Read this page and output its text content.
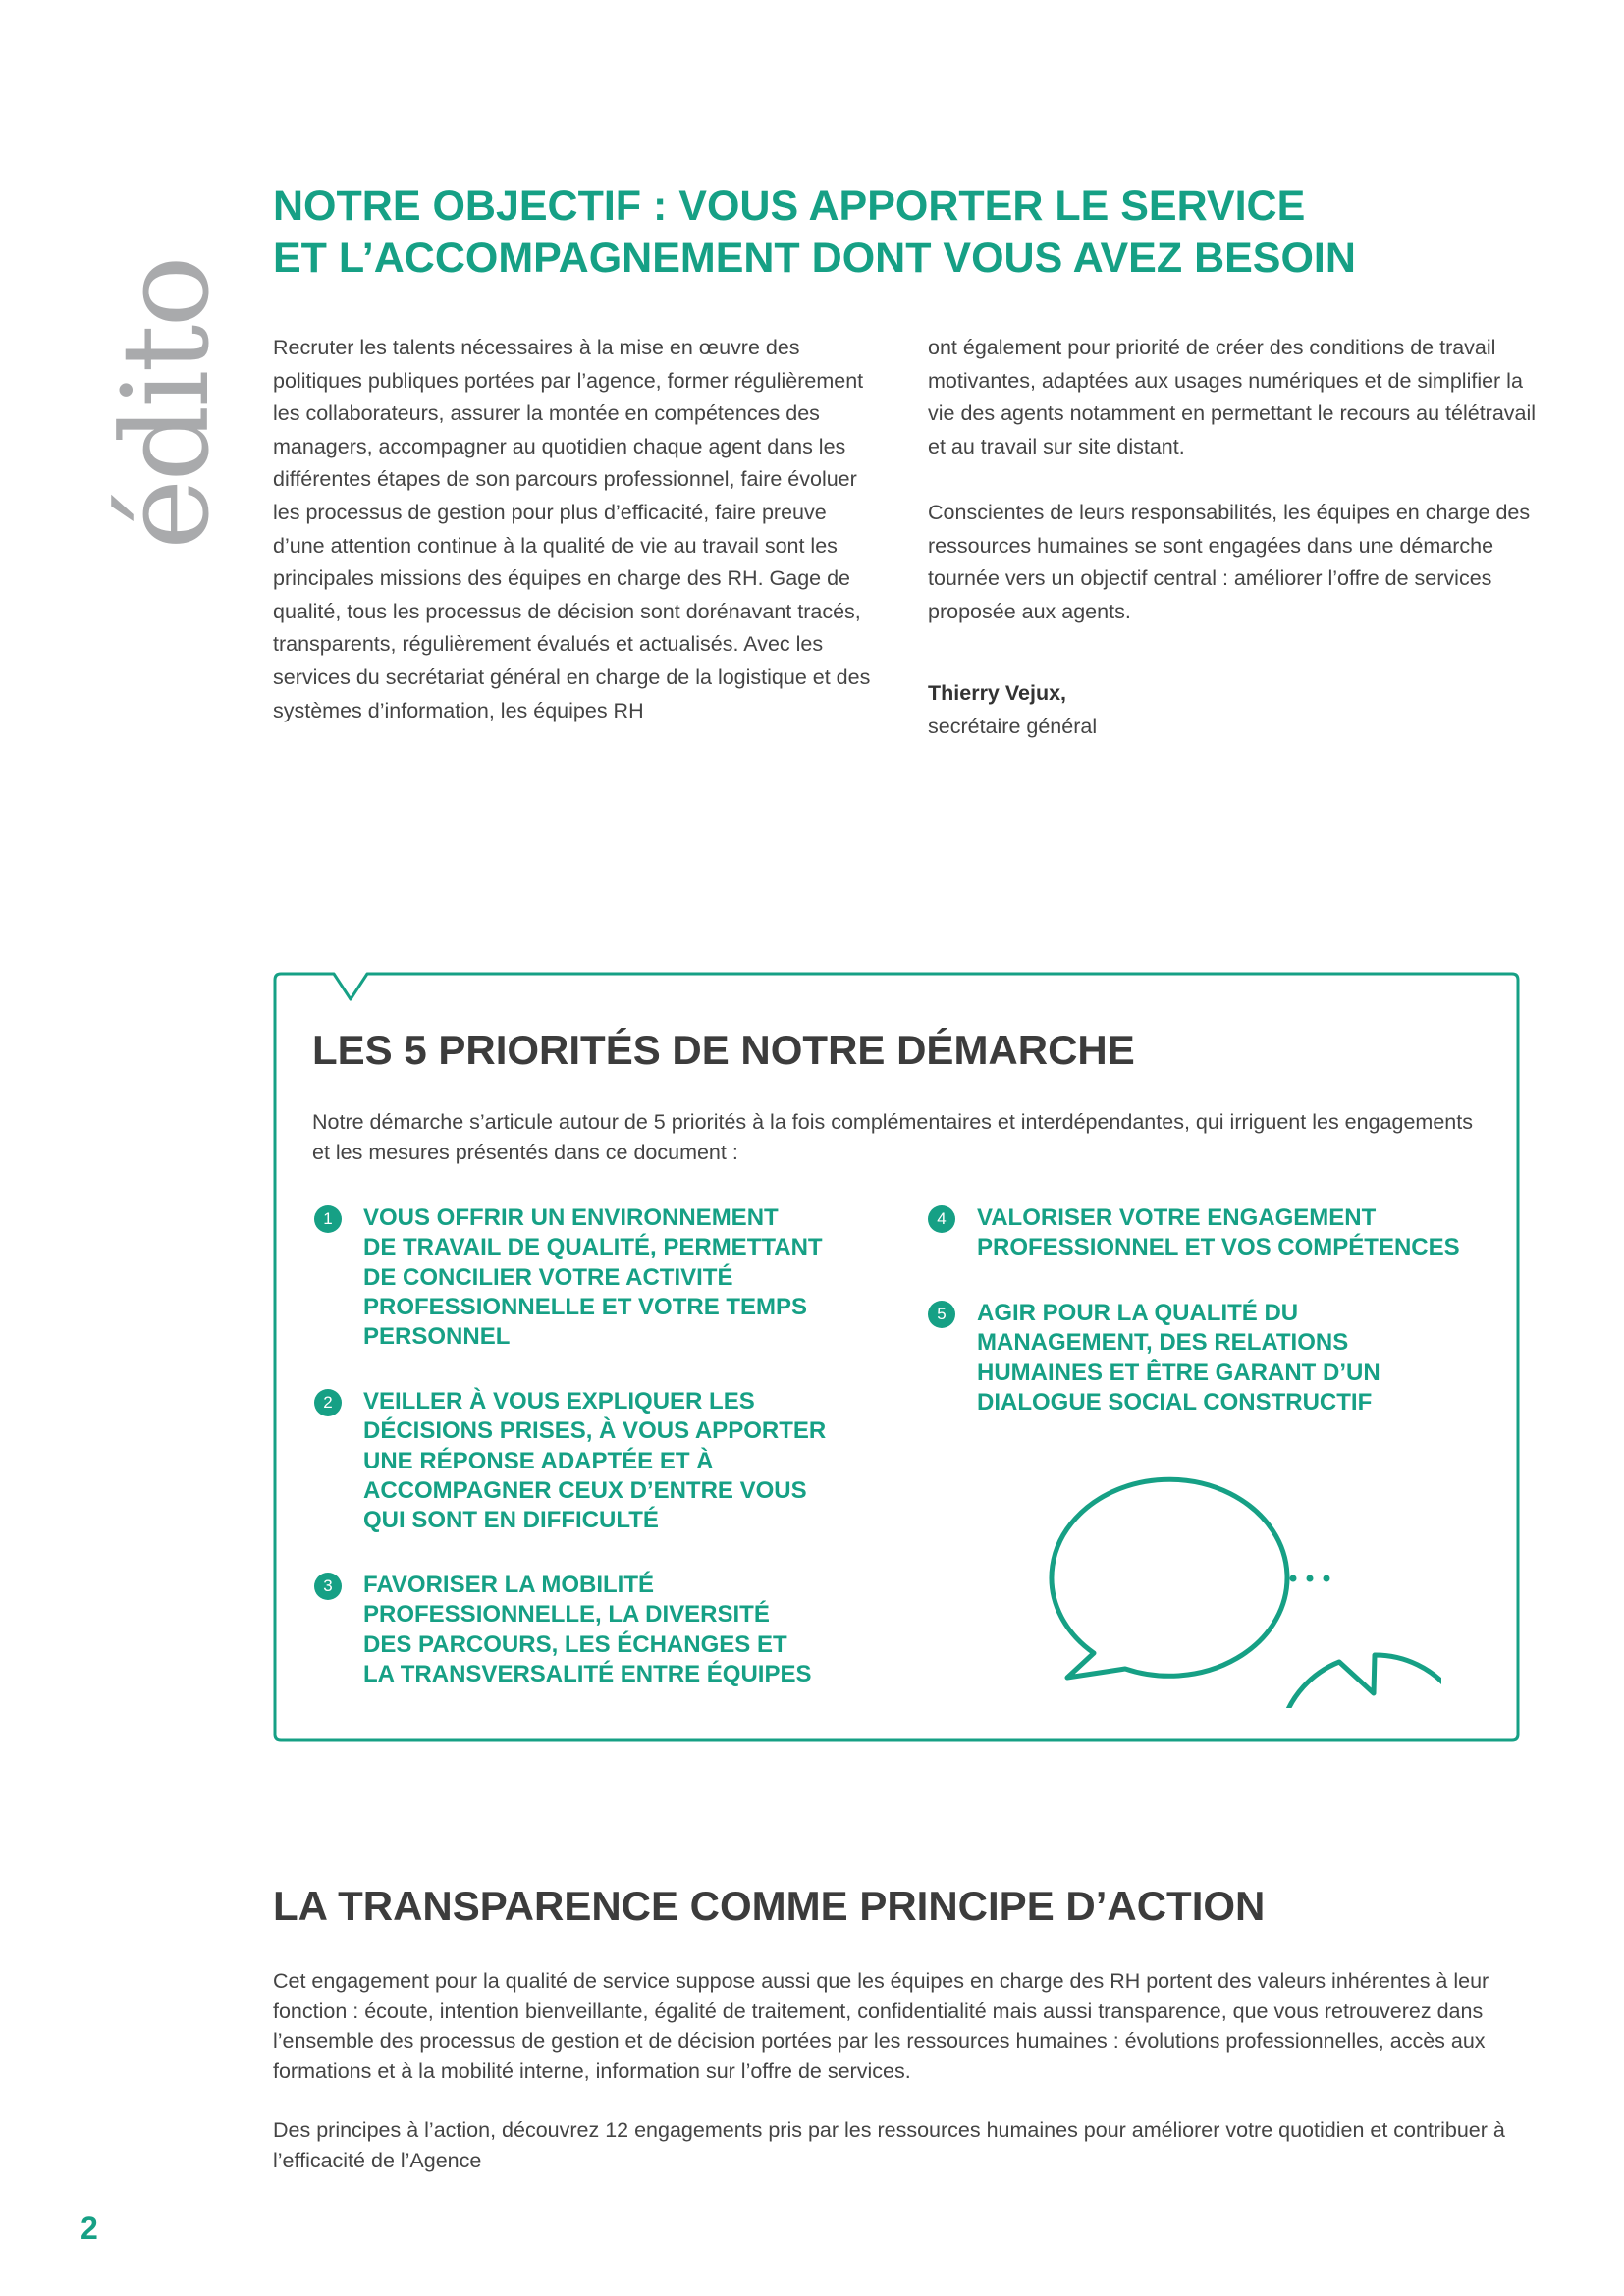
édito
NOTRE OBJECTIF : VOUS APPORTER LE SERVICE
ET L’ACCOMPAGNEMENT DONT VOUS AVEZ BESOIN

Recruter les talents nécessaires à la mise en œuvre des politiques publiques portées par l’agence, former régulièrement les collaborateurs, assurer la montée en compétences des managers, accompagner au quotidien chaque agent dans les différentes étapes de son parcours professionnel, faire évoluer les processus de gestion pour plus d’efficacité, faire preuve d’une attention continue à la qualité de vie au travail sont les principales missions des équipes en charge des RH. Gage de qualité, tous les processus de décision sont dorénavant tracés, transparents, régulièrement évalués et actualisés. Avec les services du secrétariat général en charge de la logistique et des systèmes d’information, les équipes RH

ont également pour priorité de créer des conditions de travail motivantes, adaptées aux usages numériques et de simplifier la vie des agents notamment en permettant le recours au télétravail et au travail sur site distant.

Conscientes de leurs responsabilités, les équipes en charge des ressources humaines se sont engagées dans une démarche tournée vers un objectif central : améliorer l’offre de services proposée aux agents.

Thierry Vejux,
secrétaire général
LES 5 PRIORITÉS DE NOTRE DÉMARCHE

Notre démarche s’articule autour de 5 priorités à la fois complémentaires et interdépendantes, qui irriguent les engagements et les mesures présentés dans ce document :

1	VOUS OFFRIR UN ENVIRONNEMENT
DE TRAVAIL DE QUALITÉ, PERMETTANT
DE CONCILIER VOTRE ACTIVITÉ
PROFESSIONNELLE ET VOTRE TEMPS
PERSONNEL
2	VEILLER À VOUS EXPLIQUER LES
DÉCISIONS PRISES, À VOUS APPORTER
UNE RÉPONSE ADAPTÉE ET À
ACCOMPAGNER CEUX D’ENTRE VOUS
QUI SONT EN DIFFICULTÉ
3	FAVORISER LA MOBILITÉ
PROFESSIONNELLE, LA DIVERSITÉ
DES PARCOURS, LES ÉCHANGES ET
LA TRANSVERSALITÉ ENTRE ÉQUIPES
4	VALORISER VOTRE ENGAGEMENT
PROFESSIONNEL ET VOS COMPÉTENCES
5	AGIR POUR LA QUALITÉ DU
MANAGEMENT, DES RELATIONS
HUMAINES ET ÊTRE GARANT D’UN
DIALOGUE SOCIAL CONSTRUCTIF
LA TRANSPARENCE COMME PRINCIPE D’ACTION

Cet engagement pour la qualité de service suppose aussi que les équipes en charge des RH portent des valeurs inhérentes à leur fonction : écoute, intention bienveillante, égalité de traitement, confidentialité mais aussi transparence, que vous retrouverez dans l’ensemble des processus de gestion et de décision portées par les ressources humaines : évolutions professionnelles, accès aux formations et à la mobilité interne, information sur l’offre de services.

Des principes à l’action, découvrez 12 engagements pris par les ressources humaines pour améliorer votre quotidien et contribuer à l’efficacité de l’Agence

2
